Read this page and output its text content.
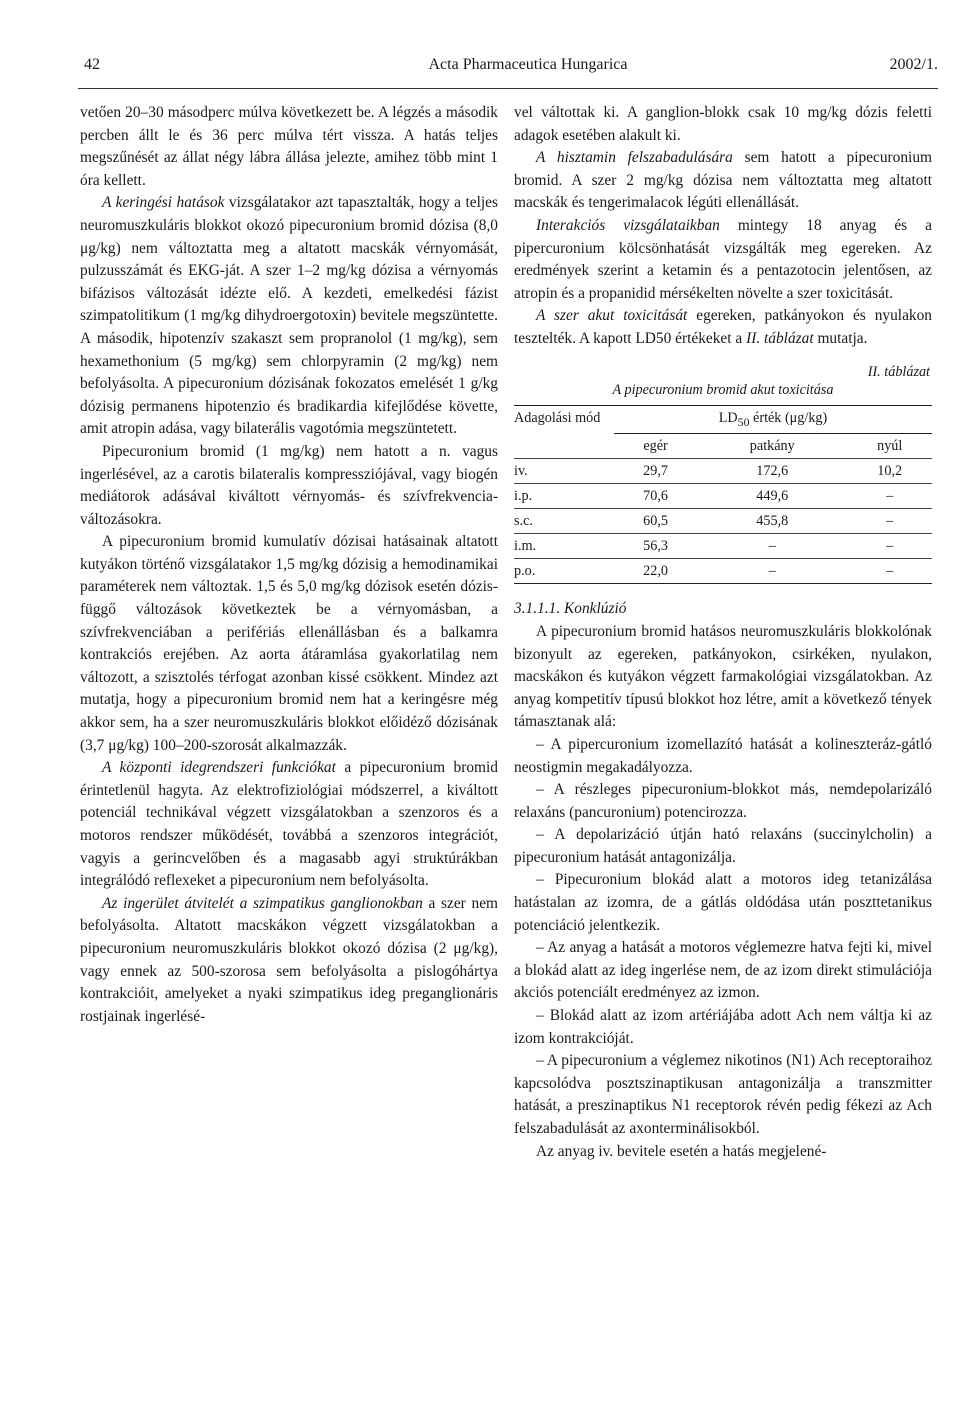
42	Acta Pharmaceutica Hungarica	2002/1.

vetően 20–30 másodperc múlva következett be. A légzés a második percben állt le és 36 perc múlva tért vissza. A hatás teljes megszűnését az állat négy lábra állása jelezte, amihez több mint 1 óra kellett.

A keringési hatások vizsgálatakor azt tapasztalták, hogy a teljes neuromuszkuláris blokkot okozó pipecuronium bromid dózisa (8,0 μg/kg) nem változtatta meg a altatott macskák vérnyomását, pulzusszámát és EKG-ját. A szer 1–2 mg/kg dózisa a vérnyomás bifázisos változását idézte elő. A kezdeti, emelkedési fázist szimpatolitikum (1 mg/kg dihydroergotoxin) bevitele megszüntette. A második, hipotenzív szakaszt sem propranolol (1 mg/kg), sem hexamethonium (5 mg/kg) sem chlorpyramin (2 mg/kg) nem befolyásolta. A pipecuronium dózisának fokozatos emelését 1 g/kg dózisig permanens hipotenzio és bradikardia kifejlődése követte, amit atropin adása, vagy bilaterális vagotómia megszüntetett.

Pipecuronium bromid (1 mg/kg) nem hatott a n. vagus ingerlésével, az a carotis bilateralis kompressziójával, vagy biogén mediátorok adásával kiváltott vérnyomás- és szívfrekvencia-változásokra.

A pipecuronium bromid kumulatív dózisai hatásainak altatott kutyákon történő vizsgálatakor 1,5 mg/kg dózisig a hemodinamikai paraméterek nem változtak. 1,5 és 5,0 mg/kg dózisok esetén dózis-függő változások következtek be a vérnyomásban, a szívfrekvenciában a perifériás ellenállásban és a balkamra kontrakciós erejében. Az aorta átáramlása gyakorlatilag nem változott, a szisztolés térfogat azonban kissé csökkent. Mindez azt mutatja, hogy a pipecuronium bromid nem hat a keringésre még akkor sem, ha a szer neuromuszkuláris blokkot előidéző dózisának (3,7 μg/kg) 100–200-szorosát alkalmazzák.

A központi idegrendszeri funkciókat a pipecuronium bromid érintetlenül hagyta. Az elektrofiziológiai módszerrel, a kiváltott potenciál technikával végzett vizsgálatokban a szenzoros és a motoros rendszer működését, továbbá a szenzoros integrációt, vagyis a gerincvelőben és a magasabb agyi struktúrákban integrálódó reflexeket a pipecuronium nem befolyásolta.

Az ingerület átvitelét a szimpatikus ganglionokban a szer nem befolyásolta. Altatott macskákon végzett vizsgálatokban a pipecuronium neuromuszkuláris blokkot okozó dózisa (2 μg/kg), vagy ennek az 500-szorosa sem befolyásolta a pislogóhártya kontrakcióit, amelyeket a nyaki szimpatikus ideg preganglionáris rostjainak ingerlésé-

vel váltottak ki. A ganglion-blokk csak 10 mg/kg dózis feletti adagok esetében alakult ki.

A hisztamin felszabadulására sem hatott a pipecuronium bromid. A szer 2 mg/kg dózisa nem változtatta meg altatott macskák és tengerimalacok légúti ellenállását.

Interakciós vizsgálataikban mintegy 18 anyag és a pipercuronium kölcsönhatását vizsgálták meg egereken. Az eredmények szerint a ketamin és a pentazotocin jelentősen, az atropin és a propanidid mérsékelten növelte a szer toxicitását.

A szer akut toxicitását egereken, patkányokon és nyulakon tesztelték. A kapott LD50 értékeket a II. táblázat mutatja.

II. táblázat
A pipecuronium bromid akut toxicitása
Adagolási mód	$LD_{50}$ érték (μg/kg)		
	egér	patkány	nyúl
iv.	29,7	172,6	10,2
i.p.	70,6	449,6	–
s.c.	60,5	455,8	–
i.m.	56,3	–	–
p.o.	22,0	–	–

3.1.1.1. Konklúzió

A pipecuronium bromid hatásos neuromuszkuláris blokkolónak bizonyult az egereken, patkányokon, csirkéken, nyulakon, macskákon és kutyákon végzett farmakológiai vizsgálatokban. Az anyag kompetitív típusú blokkot hoz létre, amit a következő tények támasztanak alá:

– A pipercuronium izomellazító hatását a kolineszteráz-gátló neostigmin megakadályozza.

– A részleges pipecuronium-blokkot más, nemdepolarizáló relaxáns (pancuronium) potencirozza.

– A depolarizáció útján ható relaxáns (succinylcholin) a pipecuronium hatását antagonizálja.

– Pipecuronium blokád alatt a motoros ideg tetanizálása hatástalan az izomra, de a gátlás oldódása után poszttetanikus potenciáció jelentkezik.

– Az anyag a hatását a motoros véglemezre hatva fejti ki, mivel a blokád alatt az ideg ingerlése nem, de az izom direkt stimulációja akciós potenciált eredményez az izmon.

– Blokád alatt az izom artériájába adott Ach nem váltja ki az izom kontrakcióját.

– A pipecuronium a véglemez nikotinos (N1) Ach receptoraihoz kapcsolódva posztszinaptikusan antagonizálja a transzmitter hatását, a preszinaptikus N1 receptorok révén pedig fékezi az Ach felszabadulását az axonterminálisokból.

Az anyag iv. bevitele esetén a hatás megjelené-
